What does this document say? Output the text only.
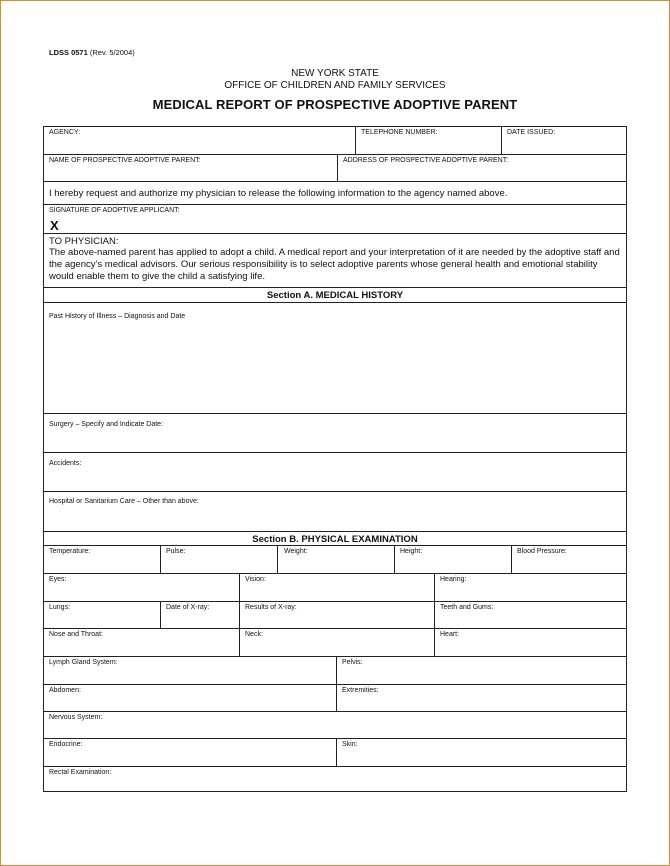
LDSS 0571 (Rev. 5/2004)
NEW YORK STATE
OFFICE OF CHILDREN AND FAMILY SERVICES
MEDICAL REPORT OF PROSPECTIVE ADOPTIVE PARENT
AGENCY:	TELEPHONE NUMBER:	DATE ISSUED:
NAME OF PROSPECTIVE ADOPTIVE PARENT:	ADDRESS OF PROSPECTIVE ADOPTIVE PARENT:
I hereby request and authorize my physician to release the following information to the agency named above.
SIGNATURE OF ADOPTIVE APPLICANT:
X
TO PHYSICIAN:
The above-named parent has applied to adopt a child. A medical report and your interpretation of it are needed by the adoptive staff and the agency’s medical advisors. Our serious responsibility is to select adoptive parents whose general health and emotional stability would enable them to give the child a satisfying life.
Section A. MEDICAL HISTORY
Past History of Illness – Diagnosis and Date
Surgery – Specify and Indicate Date:
Accidents:
Hospital or Sanitarium Care – Other than above:
Section B. PHYSICAL EXAMINATION
Temperature:	Pulse:	Weight:	Height:	Blood Pressure:
Eyes:	Vision:	Hearing:
Lungs:	Date of X-ray:	Results of X-ray:	Teeth and Gums:
Nose and Throat:	Neck:	Heart:
Lymph Gland System:	Pelvis:
Abdomen:	Extremities:
Nervous System:
Endocrine:	Skin:
Rectal Examination:
